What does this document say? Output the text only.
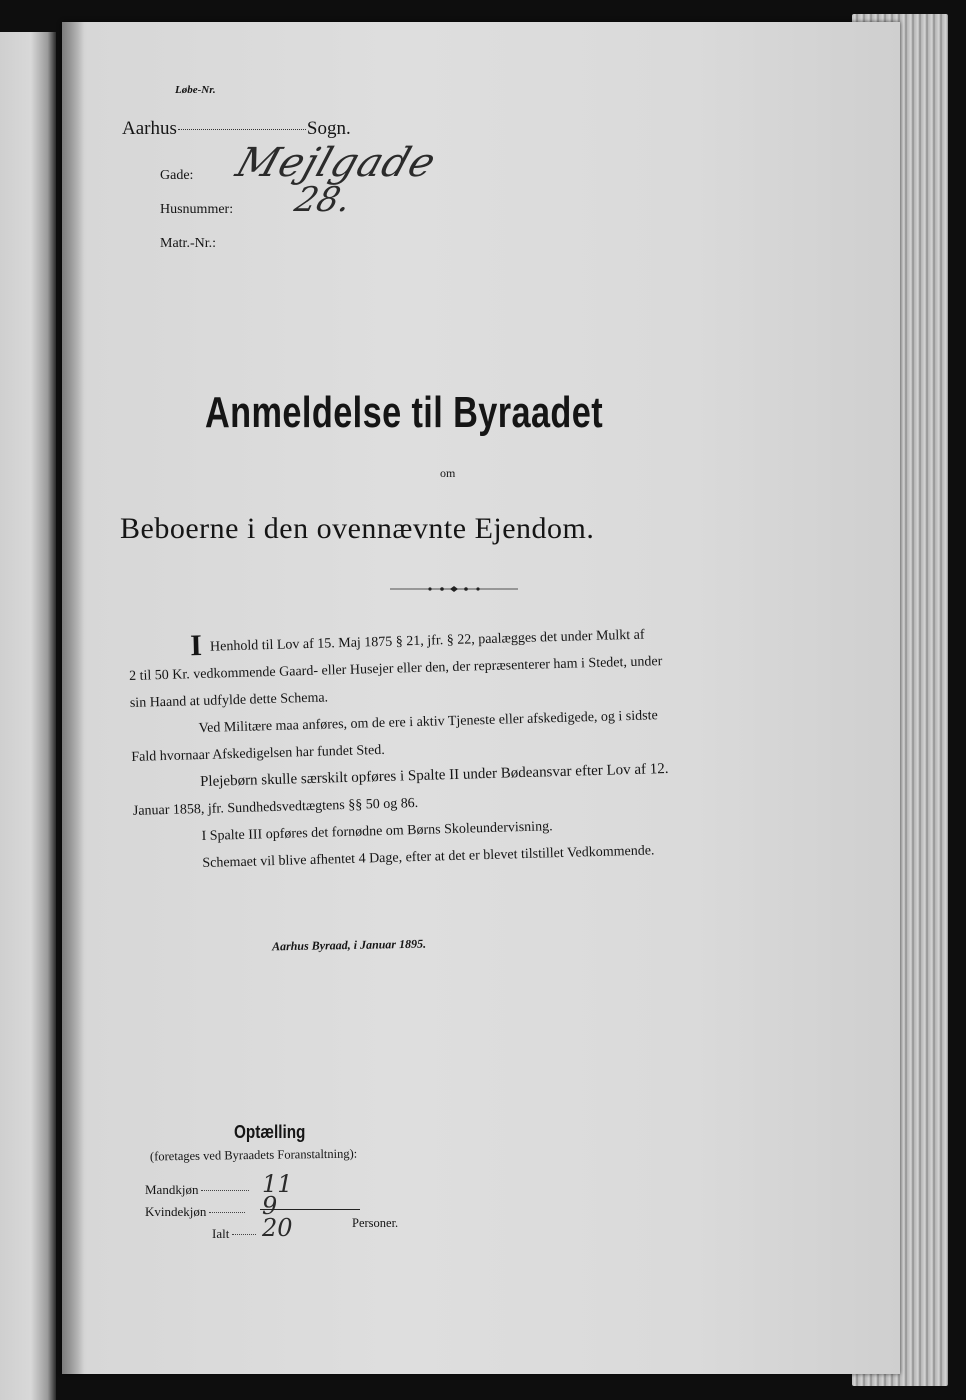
Løbe-Nr.
Aarhus	Sogn.
Gade: Mejlgade
Husnummer: 28.
Matr.-Nr.:
Anmeldelse til Byraadet
om
Beboerne i den ovennævnte Ejendom.

I Henhold til Lov af 15. Maj 1875 § 21, jfr. § 22, paalægges det under Mulkt af

2 til 50 Kr. vedkommende Gaard- eller Husejer eller den, der repræsenterer ham i Stedet, under

sin Haand at udfylde dette Schema.

Ved Militære maa anføres, om de ere i aktiv Tjeneste eller afskedigede, og i sidste

Fald hvornaar Afskedigelsen har fundet Sted.

Plejebørn skulle særskilt opføres i Spalte II under Bødeansvar efter Lov af 12.

Januar 1858, jfr. Sundhedsvedtægtens §§ 50 og 86.

I Spalte III opføres det fornødne om Børns Skoleundervisning.

Schemaet vil blive afhentet 4 Dage, efter at det er blevet tilstillet Vedkommende.

Aarhus Byraad, i Januar 1895.
Optælling
(foretages ved Byraadets Foranstaltning):
Mandkjøn	11
Kvindekjøn	9
Ialt	20	Personer.
